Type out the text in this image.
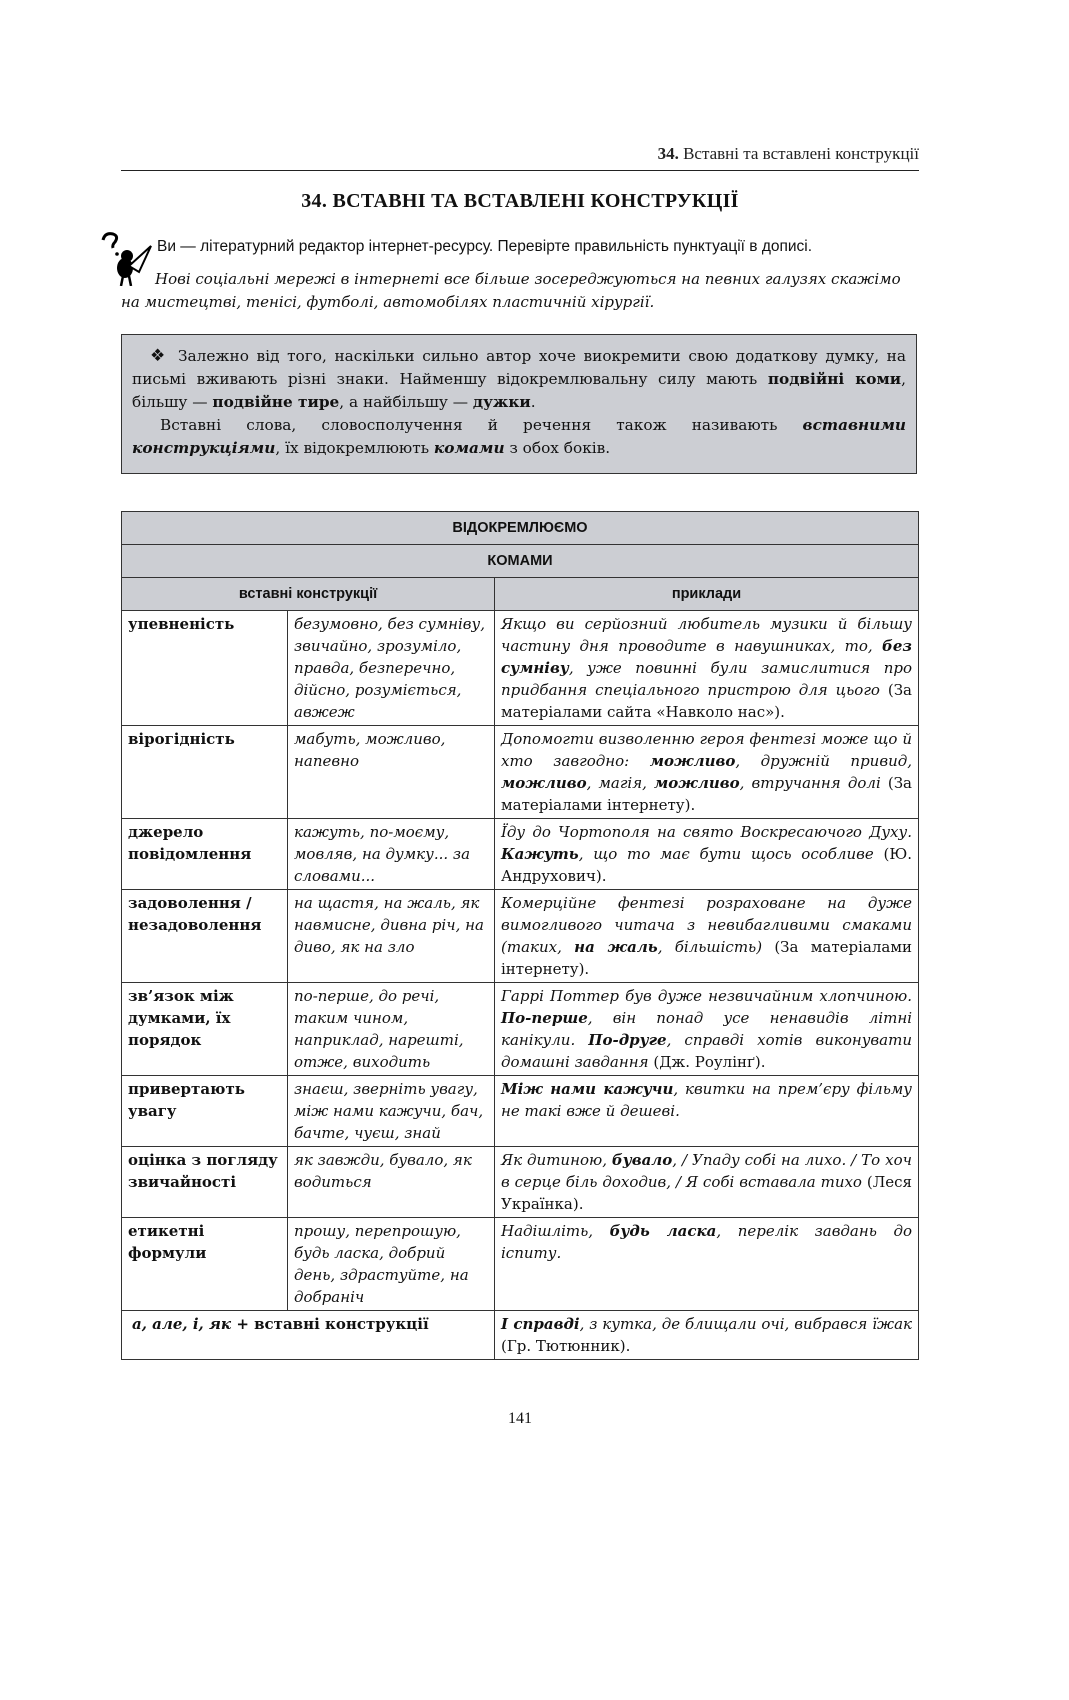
34. Вставні та вставлені конструкції
34. ВСТАВНІ ТА ВСТАВЛЕНІ КОНСТРУКЦІЇ
Ви — літературний редактор інтернет-ресурсу. Перевірте правильність пунктуації в дописі.
Нові соціальні мережі в інтернеті все більше зосереджуються на певних галузях скажімо
на мистецтві, тенісі, футболі, автомобілях пластичній хірургії.

❖ Залежно від того, наскільки сильно автор хоче виокремити свою додаткову думку, на письмі вживають різні знаки. Найменшу відокремлювальну силу мають подвійні коми, більшу — подвійне тире, а найбільшу — дужки.

Вставні слова, словосполучення й речення також називають вставними конструкціями, їх відокремлюють комами з обох боків.

ВІДОКРЕМЛЮЄМО		
КОМАМИ		
вставні конструкції		приклади
упевненість	безумовно, без сумніву, звичайно, зрозуміло, правда, безперечно, дійсно, розуміється, авжеж	Якщо ви серйозний любитель музики й більшу частину дня проводите в навушниках, то, без сумніву, уже повинні були замислитися про придбання спеціального пристрою для цього (За матеріалами сайта «Навколо нас»).
вірогідність	мабуть, можливо, напевно	Допомогти визволенню героя фентезі може що й хто завгодно: можливо, дружній привид, можливо, магія, можливо, втручання долі (За матеріалами інтернету).
джерело повідомлення	кажуть, по-моєму, мовляв, на думку... за словами...	Їду до Чортополя на свято Воскресаючого Духу. Кажуть, що то має бути щось особливе (Ю. Андрухович).
задоволення / незадоволення	на щастя, на жаль, як навмисне, дивна річ, на диво, як на зло	Комерційне фентезі розраховане на дуже вимогливого читача з невибагливими смаками (таких, на жаль, більшість) (За матеріалами інтернету).
зв’язок між думками, їх порядок	по-перше, до речі, таким чином, наприклад, нарешті, отже, виходить	Гаррі Поттер був дуже незвичайним хлопчиною. По-перше, він понад усе ненавидів літні канікули. По-друге, справді хотів виконувати домашні завдання (Дж. Роулінґ).
привертають увагу	знаєш, зверніть увагу, між нами кажучи, бач, бачте, чуєш, знай	Між нами кажучи, квитки на прем’єру фільму не такі вже й дешеві.
оцінка з погляду звичайності	як завжди, бувало, як водиться	Як дитиною, бувало, / Упаду собі на лихо. / То хоч в серце біль доходив, / Я собі вставала тихо (Леся Українка).
етикетні формули	прошу, перепрошую, будь ласка, добрий день, здрастуйте, на добраніч	Надішліть, будь ласка, перелік завдань до іспиту.
а, але, і, як + вставні конструкції		І справді, з кутка, де блищали очі, вибрався їжак (Гр. Тютюнник).
141
